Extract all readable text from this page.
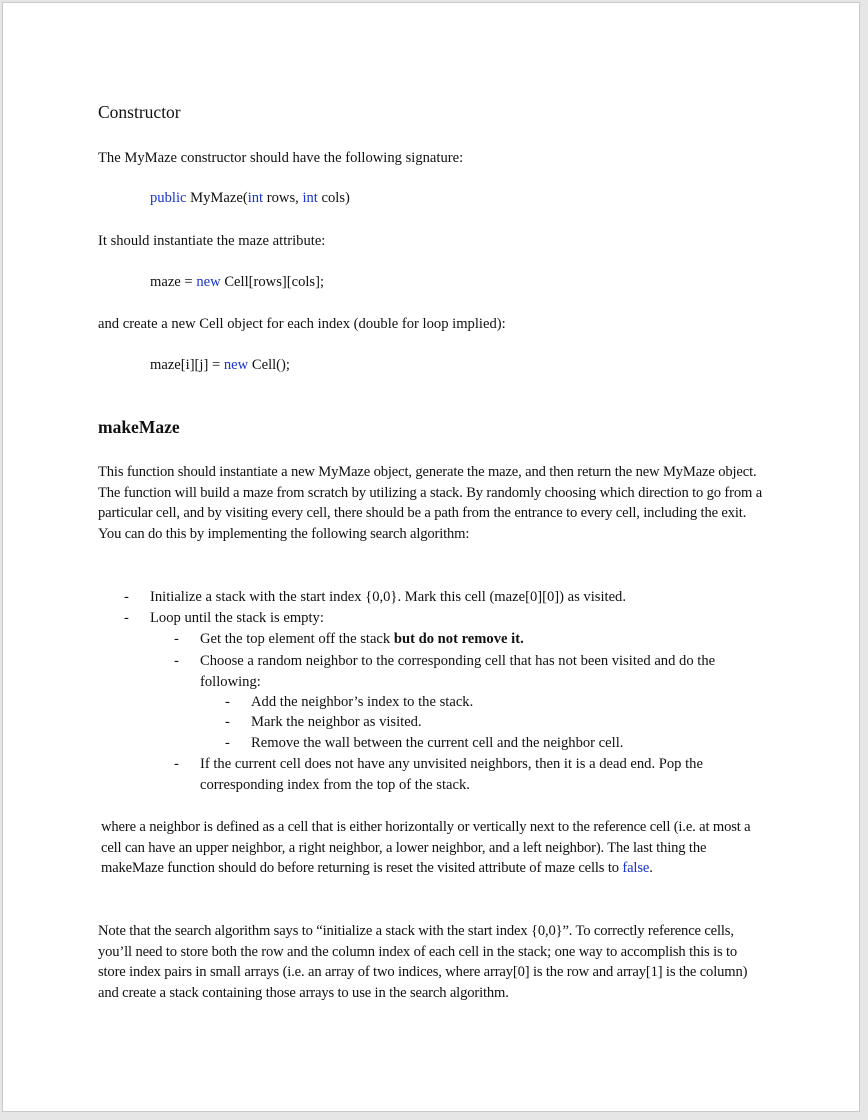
Constructor
The MyMaze constructor should have the following signature:
public MyMaze(int rows, int cols)
It should instantiate the maze attribute:
maze = new Cell[rows][cols];
and create a new Cell object for each index (double for loop implied):
maze[i][j] = new Cell();
makeMaze
This function should instantiate a new MyMaze object, generate the maze, and then return the new MyMaze object. The function will build a maze from scratch by utilizing a stack. By randomly choosing which direction to go from a particular cell, and by visiting every cell, there should be a path from the entrance to every cell, including the exit. You can do this by implementing the following search algorithm:
- Initialize a stack with the start index {0,0}. Mark this cell (maze[0][0]) as visited.
- Loop until the stack is empty:
- Get the top element off the stack but do not remove it.
- Choose a random neighbor to the corresponding cell that has not been visited and do the following:
- Add the neighbor’s index to the stack.
- Mark the neighbor as visited.
- Remove the wall between the current cell and the neighbor cell.
- If the current cell does not have any unvisited neighbors, then it is a dead end. Pop the corresponding index from the top of the stack.
where a neighbor is defined as a cell that is either horizontally or vertically next to the reference cell (i.e. at most a cell can have an upper neighbor, a right neighbor, a lower neighbor, and a left neighbor). The last thing the makeMaze function should do before returning is reset the visited attribute of maze cells to false.
Note that the search algorithm says to “initialize a stack with the start index {0,0}”. To correctly reference cells, you’ll need to store both the row and the column index of each cell in the stack; one way to accomplish this is to store index pairs in small arrays (i.e. an array of two indices, where array[0] is the row and array[1] is the column) and create a stack containing those arrays to use in the search algorithm.
